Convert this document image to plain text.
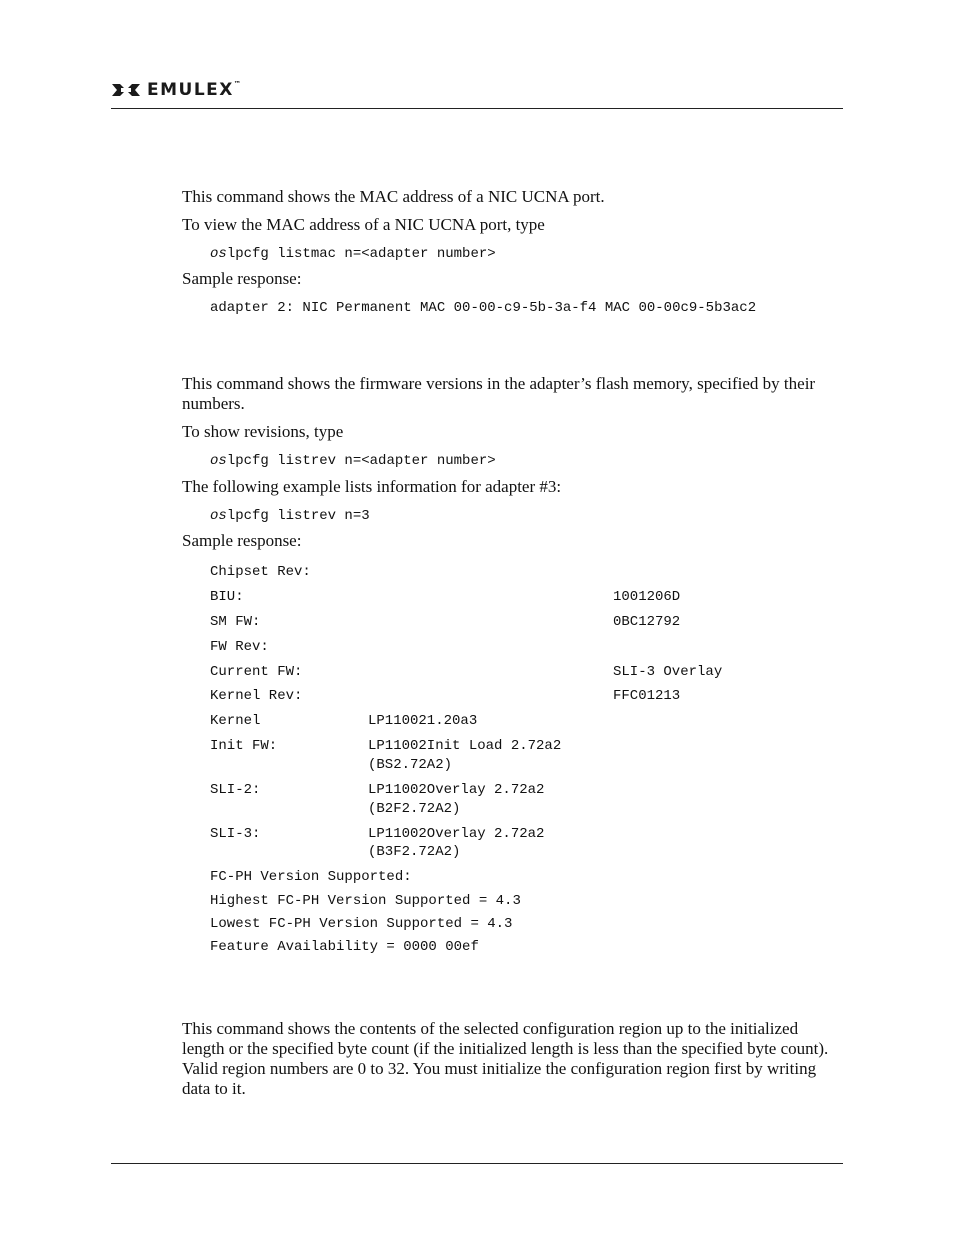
EMULEX™
This command shows the MAC address of a NIC UCNA port.
To view the MAC address of a NIC UCNA port, type
oslpcfg listmac n=<adapter number>
Sample response:
adapter 2: NIC Permanent MAC 00-00-c9-5b-3a-f4 MAC 00-00c9-5b3ac2
This command shows the firmware versions in the adapter’s flash memory, specified by their numbers.
To show revisions, type
oslpcfg listrev n=<adapter number>
The following example lists information for adapter #3:
oslpcfg listrev n=3
Sample response:
Chipset Rev:
BIU:	1001206D
SM FW:	0BC12792
FW Rev:
Current FW:	SLI-3 Overlay
Kernel Rev:	FFC01213
Kernel	LP110021.20a3
Init FW:	LP11002Init Load 2.72a2
(BS2.72A2)
SLI-2:	LP11002Overlay 2.72a2
(B2F2.72A2)
SLI-3:	LP11002Overlay 2.72a2
(B3F2.72A2)
FC-PH Version Supported:
Highest FC-PH Version Supported = 4.3
Lowest FC-PH Version Supported = 4.3
Feature Availability = 0000 00ef
This command shows the contents of the selected configuration region up to the initialized length or the specified byte count (if the initialized length is less than the specified byte count). Valid region numbers are 0 to 32. You must initialize the configuration region first by writing data to it.
